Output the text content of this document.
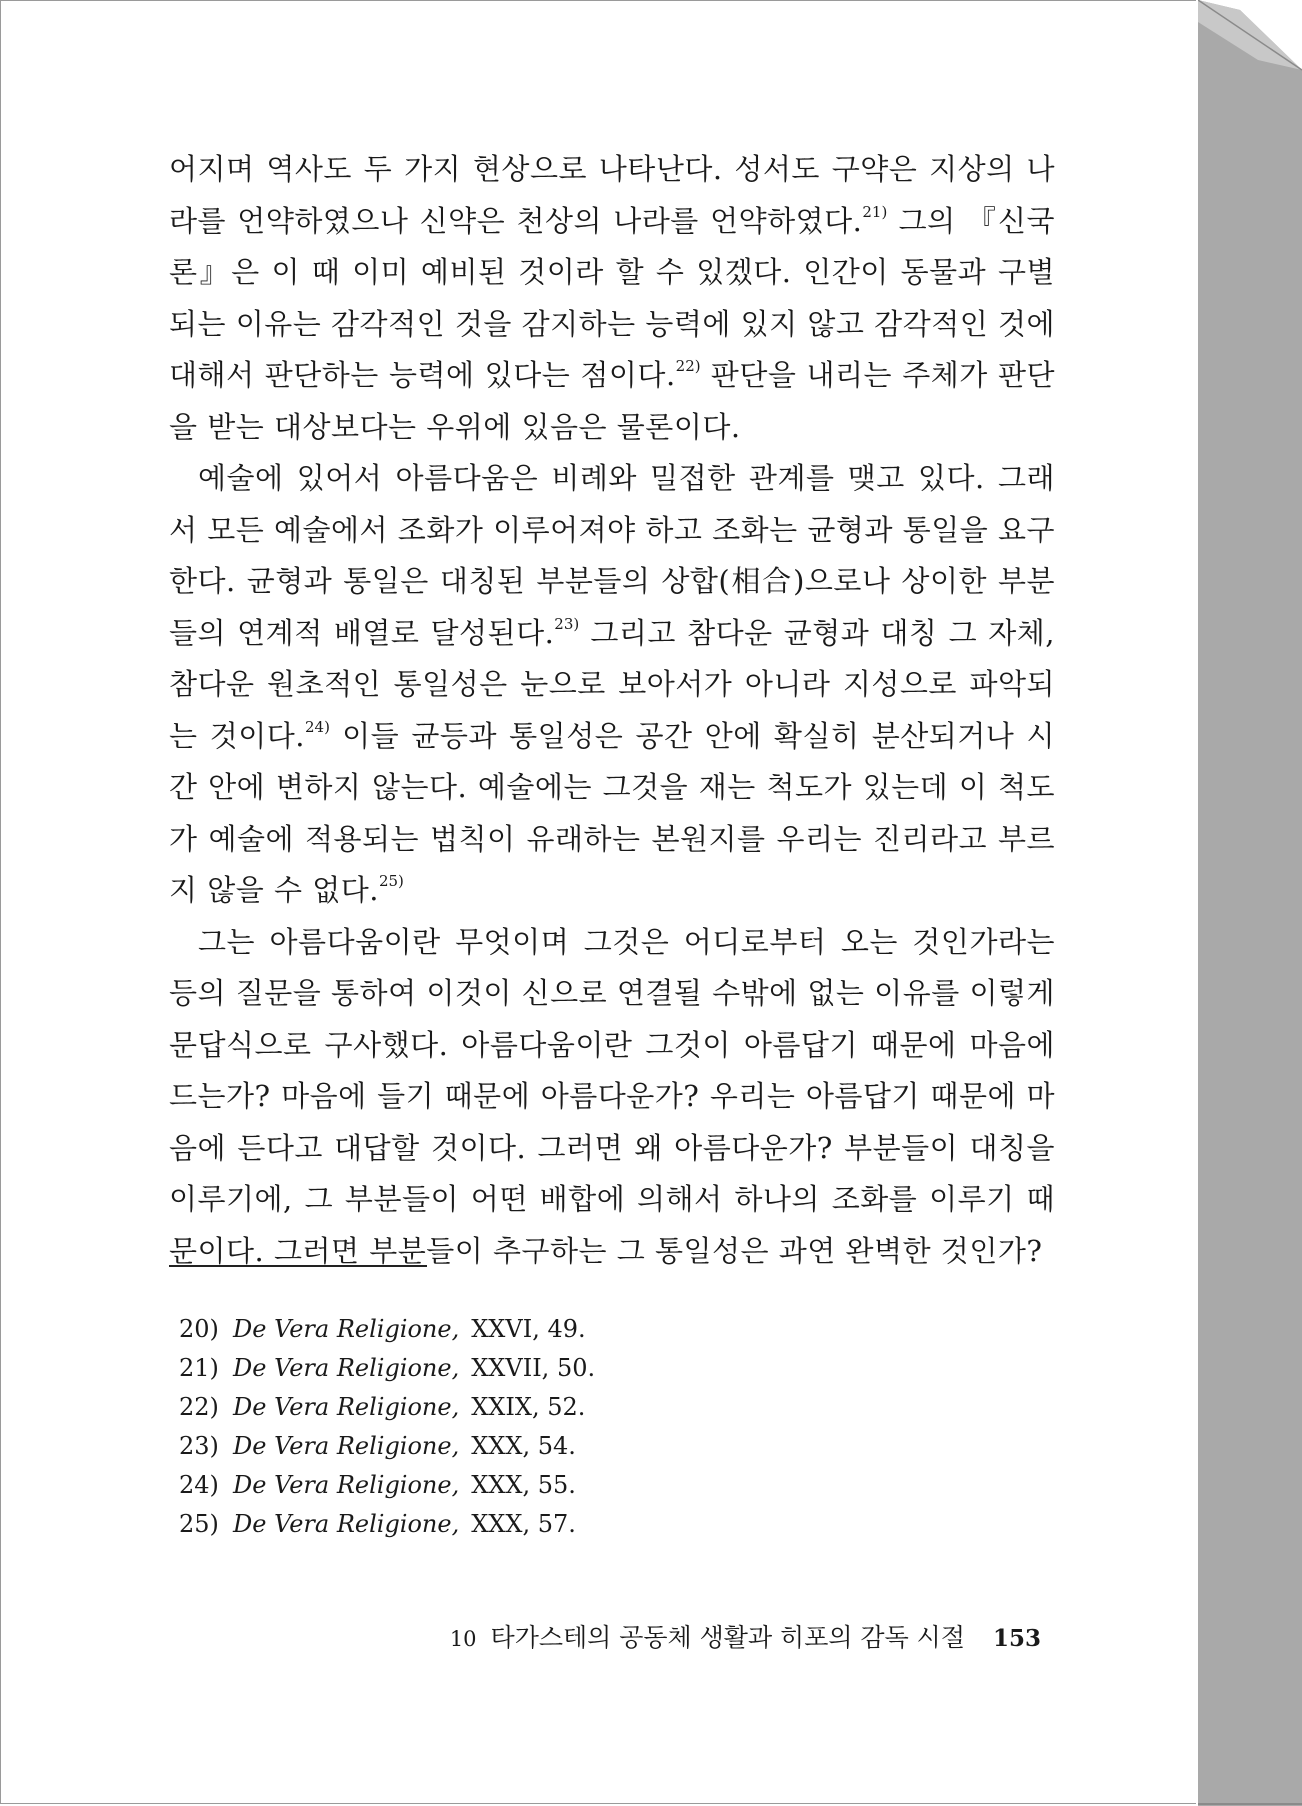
어지며 역사도 두 가지 현상으로 나타난다. 성서도 구약은 지상의 나라를 언약하였으나 신약은 천상의 나라를 언약하였다.$^{21)}$ 그의 『신국론』은 이 때 이미 예비된 것이라 할 수 있겠다. 인간이 동물과 구별되는 이유는 감각적인 것을 감지하는 능력에 있지 않고 감각적인 것에 대해서 판단하는 능력에 있다는 점이다.$^{22)}$ 판단을 내리는 주체가 판단을 받는 대상보다는 우위에 있음은 물론이다.

예술에 있어서 아름다움은 비례와 밀접한 관계를 맺고 있다. 그래서 모든 예술에서 조화가 이루어져야 하고 조화는 균형과 통일을 요구한다. 균형과 통일은 대칭된 부분들의 상합(相合)으로나 상이한 부분들의 연계적 배열로 달성된다.$^{23)}$ 그리고 참다운 균형과 대칭 그 자체, 참다운 원초적인 통일성은 눈으로 보아서가 아니라 지성으로 파악되는 것이다.$^{24)}$ 이들 균등과 통일성은 공간 안에 확실히 분산되거나 시간 안에 변하지 않는다. 예술에는 그것을 재는 척도가 있는데 이 척도가 예술에 적용되는 법칙이 유래하는 본원지를 우리는 진리라고 부르지 않을 수 없다.$^{25)}$

그는 아름다움이란 무엇이며 그것은 어디로부터 오는 것인가라는 등의 질문을 통하여 이것이 신으로 연결될 수밖에 없는 이유를 이렇게 문답식으로 구사했다. 아름다움이란 그것이 아름답기 때문에 마음에 드는가? 마음에 들기 때문에 아름다운가? 우리는 아름답기 때문에 마음에 든다고 대답할 것이다. 그러면 왜 아름다운가? 부분들이 대칭을 이루기에, 그 부분들이 어떤 배합에 의해서 하나의 조화를 이루기 때문이다. 그러면 부분들이 추구하는 그 통일성은 과연 완벽한 것인가?

20) De Vera Religione, XXVI, 49.
21) De Vera Religione, XXVII, 50.
22) De Vera Religione, XXIX, 52.
23) De Vera Religione, XXX, 54.
24) De Vera Religione, XXX, 55.
25) De Vera Religione, XXX, 57.
10 타가스테의 공동체 생활과 히포의 감독 시절 153
